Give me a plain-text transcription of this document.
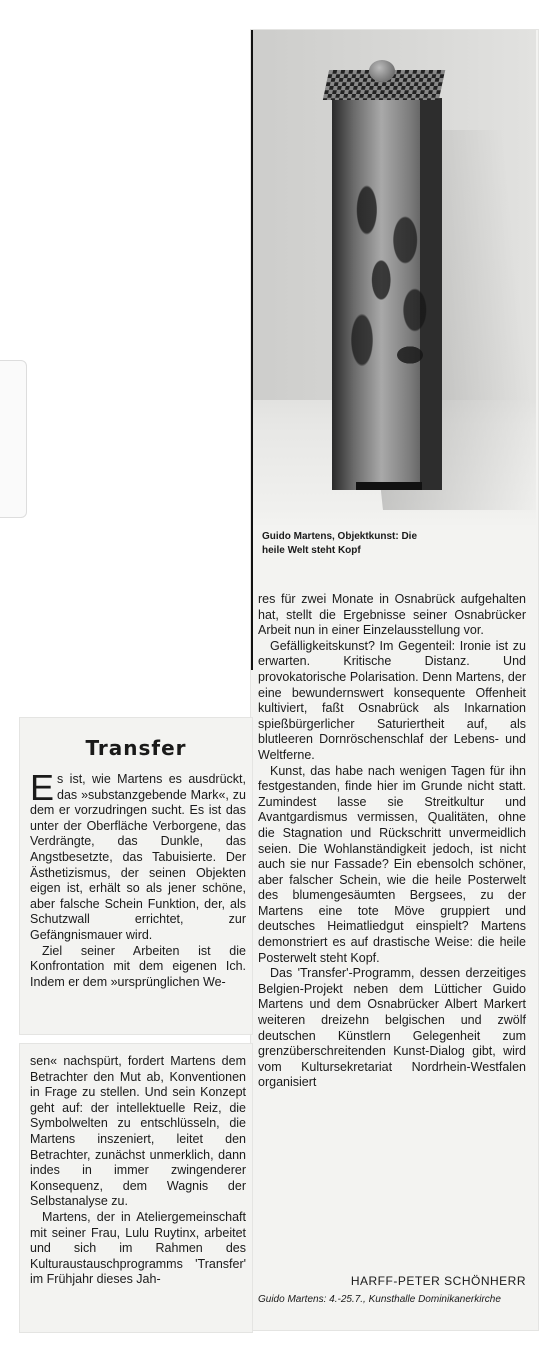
Guido Martens, Objektkunst: Die heile Welt steht Kopf
Transfer

Es ist, wie Martens es ausdrückt, das »substanzgebende Mark«, zu dem er vorzudringen sucht. Es ist das unter der Oberfläche Verborgene, das Verdrängte, das Dunkle, das Angstbesetzte, das Tabuisierte. Der Ästhetizismus, der seinen Objekten eigen ist, erhält so als jener schöne, aber falsche Schein Funktion, der, als Schutzwall errichtet, zur Gefängnismauer wird.

Ziel seiner Arbeiten ist die Konfrontation mit dem eigenen Ich. Indem er dem »ursprünglichen We-

sen« nachspürt, fordert Martens dem Betrachter den Mut ab, Konventionen in Frage zu stellen. Und sein Konzept geht auf: der intellektuelle Reiz, die Symbolwelten zu entschlüsseln, die Martens inszeniert, leitet den Betrachter, zunächst unmerklich, dann indes in immer zwingenderer Konsequenz, dem Wagnis der Selbstanalyse zu.

Martens, der in Ateliergemeinschaft mit seiner Frau, Lulu Ruytinx, arbeitet und sich im Rahmen des Kulturaustauschprogramms 'Transfer' im Frühjahr dieses Jah-

res für zwei Monate in Osnabrück aufgehalten hat, stellt die Ergebnisse seiner Osnabrücker Arbeit nun in einer Einzelausstellung vor.

Gefälligkeitskunst? Im Gegenteil: Ironie ist zu erwarten. Kritische Distanz. Und provokatorische Polarisation. Denn Martens, der eine bewundernswert konsequente Offenheit kultiviert, faßt Osnabrück als Inkarnation spießbürgerlicher Saturiertheit auf, als blutleeren Dornröschenschlaf der Lebens- und Weltferne.

Kunst, das habe nach wenigen Tagen für ihn festgestanden, finde hier im Grunde nicht statt. Zumindest lasse sie Streitkultur und Avantgardismus vermissen, Qualitäten, ohne die Stagnation und Rückschritt unvermeidlich seien. Die Wohlanständigkeit jedoch, ist nicht auch sie nur Fassade? Ein ebensolch schöner, aber falscher Schein, wie die heile Posterwelt des blumengesäumten Bergsees, zu der Martens eine tote Möve gruppiert und deutsches Heimatliedgut einspielt? Martens demonstriert es auf drastische Weise: die heile Posterwelt steht Kopf.

Das 'Transfer'-Programm, dessen derzeitiges Belgien-Projekt neben dem Lütticher Guido Martens und dem Osnabrücker Albert Markert weiteren dreizehn belgischen und zwölf deutschen Künstlern Gelegenheit zum grenzüberschreitenden Kunst-Dialog gibt, wird vom Kultursekretariat Nordrhein-Westfalen organisiert

HARFF-PETER SCHÖNHERR
Guido Martens: 4.-25.7., Kunsthalle Dominikanerkirche
